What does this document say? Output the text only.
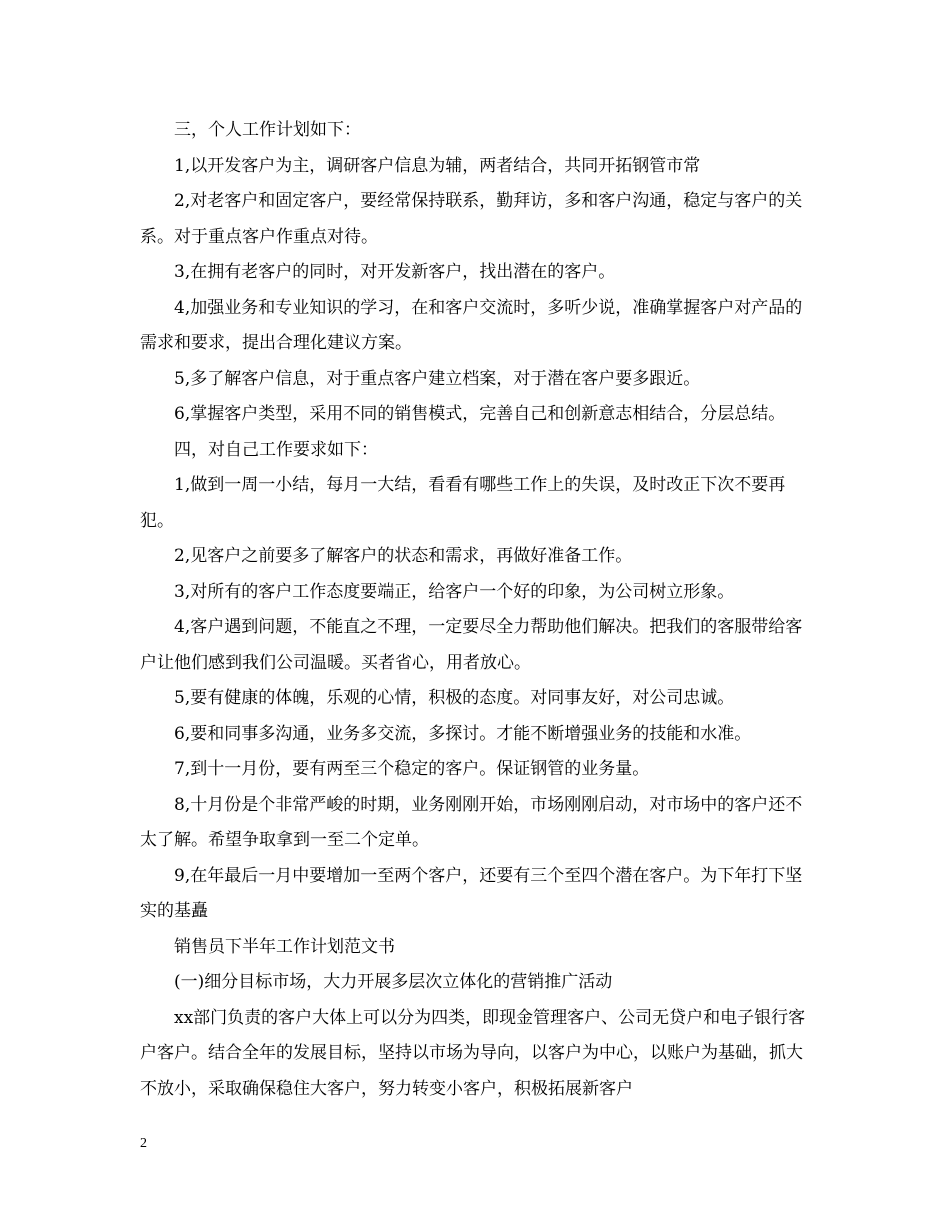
三，个人工作计划如下：

1,以开发客户为主，调研客户信息为辅，两者结合，共同开拓钢管市常

2,对老客户和固定客户，要经常保持联系，勤拜访，多和客户沟通，稳定与客户的关系。对于重点客户作重点对待。

3,在拥有老客户的同时，对开发新客户，找出潜在的客户。

4,加强业务和专业知识的学习，在和客户交流时，多听少说，准确掌握客户对产品的需求和要求，提出合理化建议方案。

5,多了解客户信息，对于重点客户建立档案，对于潜在客户要多跟近。

6,掌握客户类型，采用不同的销售模式，完善自己和创新意志相结合，分层总结。

四，对自己工作要求如下：

1,做到一周一小结，每月一大结，看看有哪些工作上的失误，及时改正下次不要再犯。

2,见客户之前要多了解客户的状态和需求，再做好准备工作。

3,对所有的客户工作态度要端正，给客户一个好的印象，为公司树立形象。

4,客户遇到问题，不能直之不理，一定要尽全力帮助他们解决。把我们的客服带给客户让他们感到我们公司温暖。买者省心，用者放心。

5,要有健康的体魄，乐观的心情，积极的态度。对同事友好，对公司忠诚。

6,要和同事多沟通，业务多交流，多探讨。才能不断增强业务的技能和水准。

7,到十一月份，要有两至三个稳定的客户。保证钢管的业务量。

8,十月份是个非常严峻的时期，业务刚刚开始，市场刚刚启动，对市场中的客户还不太了解。希望争取拿到一至二个定单。

9,在年最后一月中要增加一至两个客户，还要有三个至四个潜在客户。为下年打下坚实的基矗

销售员下半年工作计划范文书

(一)细分目标市场，大力开展多层次立体化的营销推广活动

xx部门负责的客户大体上可以分为四类，即现金管理客户、公司无贷户和电子银行客户客户。结合全年的发展目标，坚持以市场为导向，以客户为中心，以账户为基础，抓大不放小，采取确保稳住大客户，努力转变小客户，积极拓展新客户

2
